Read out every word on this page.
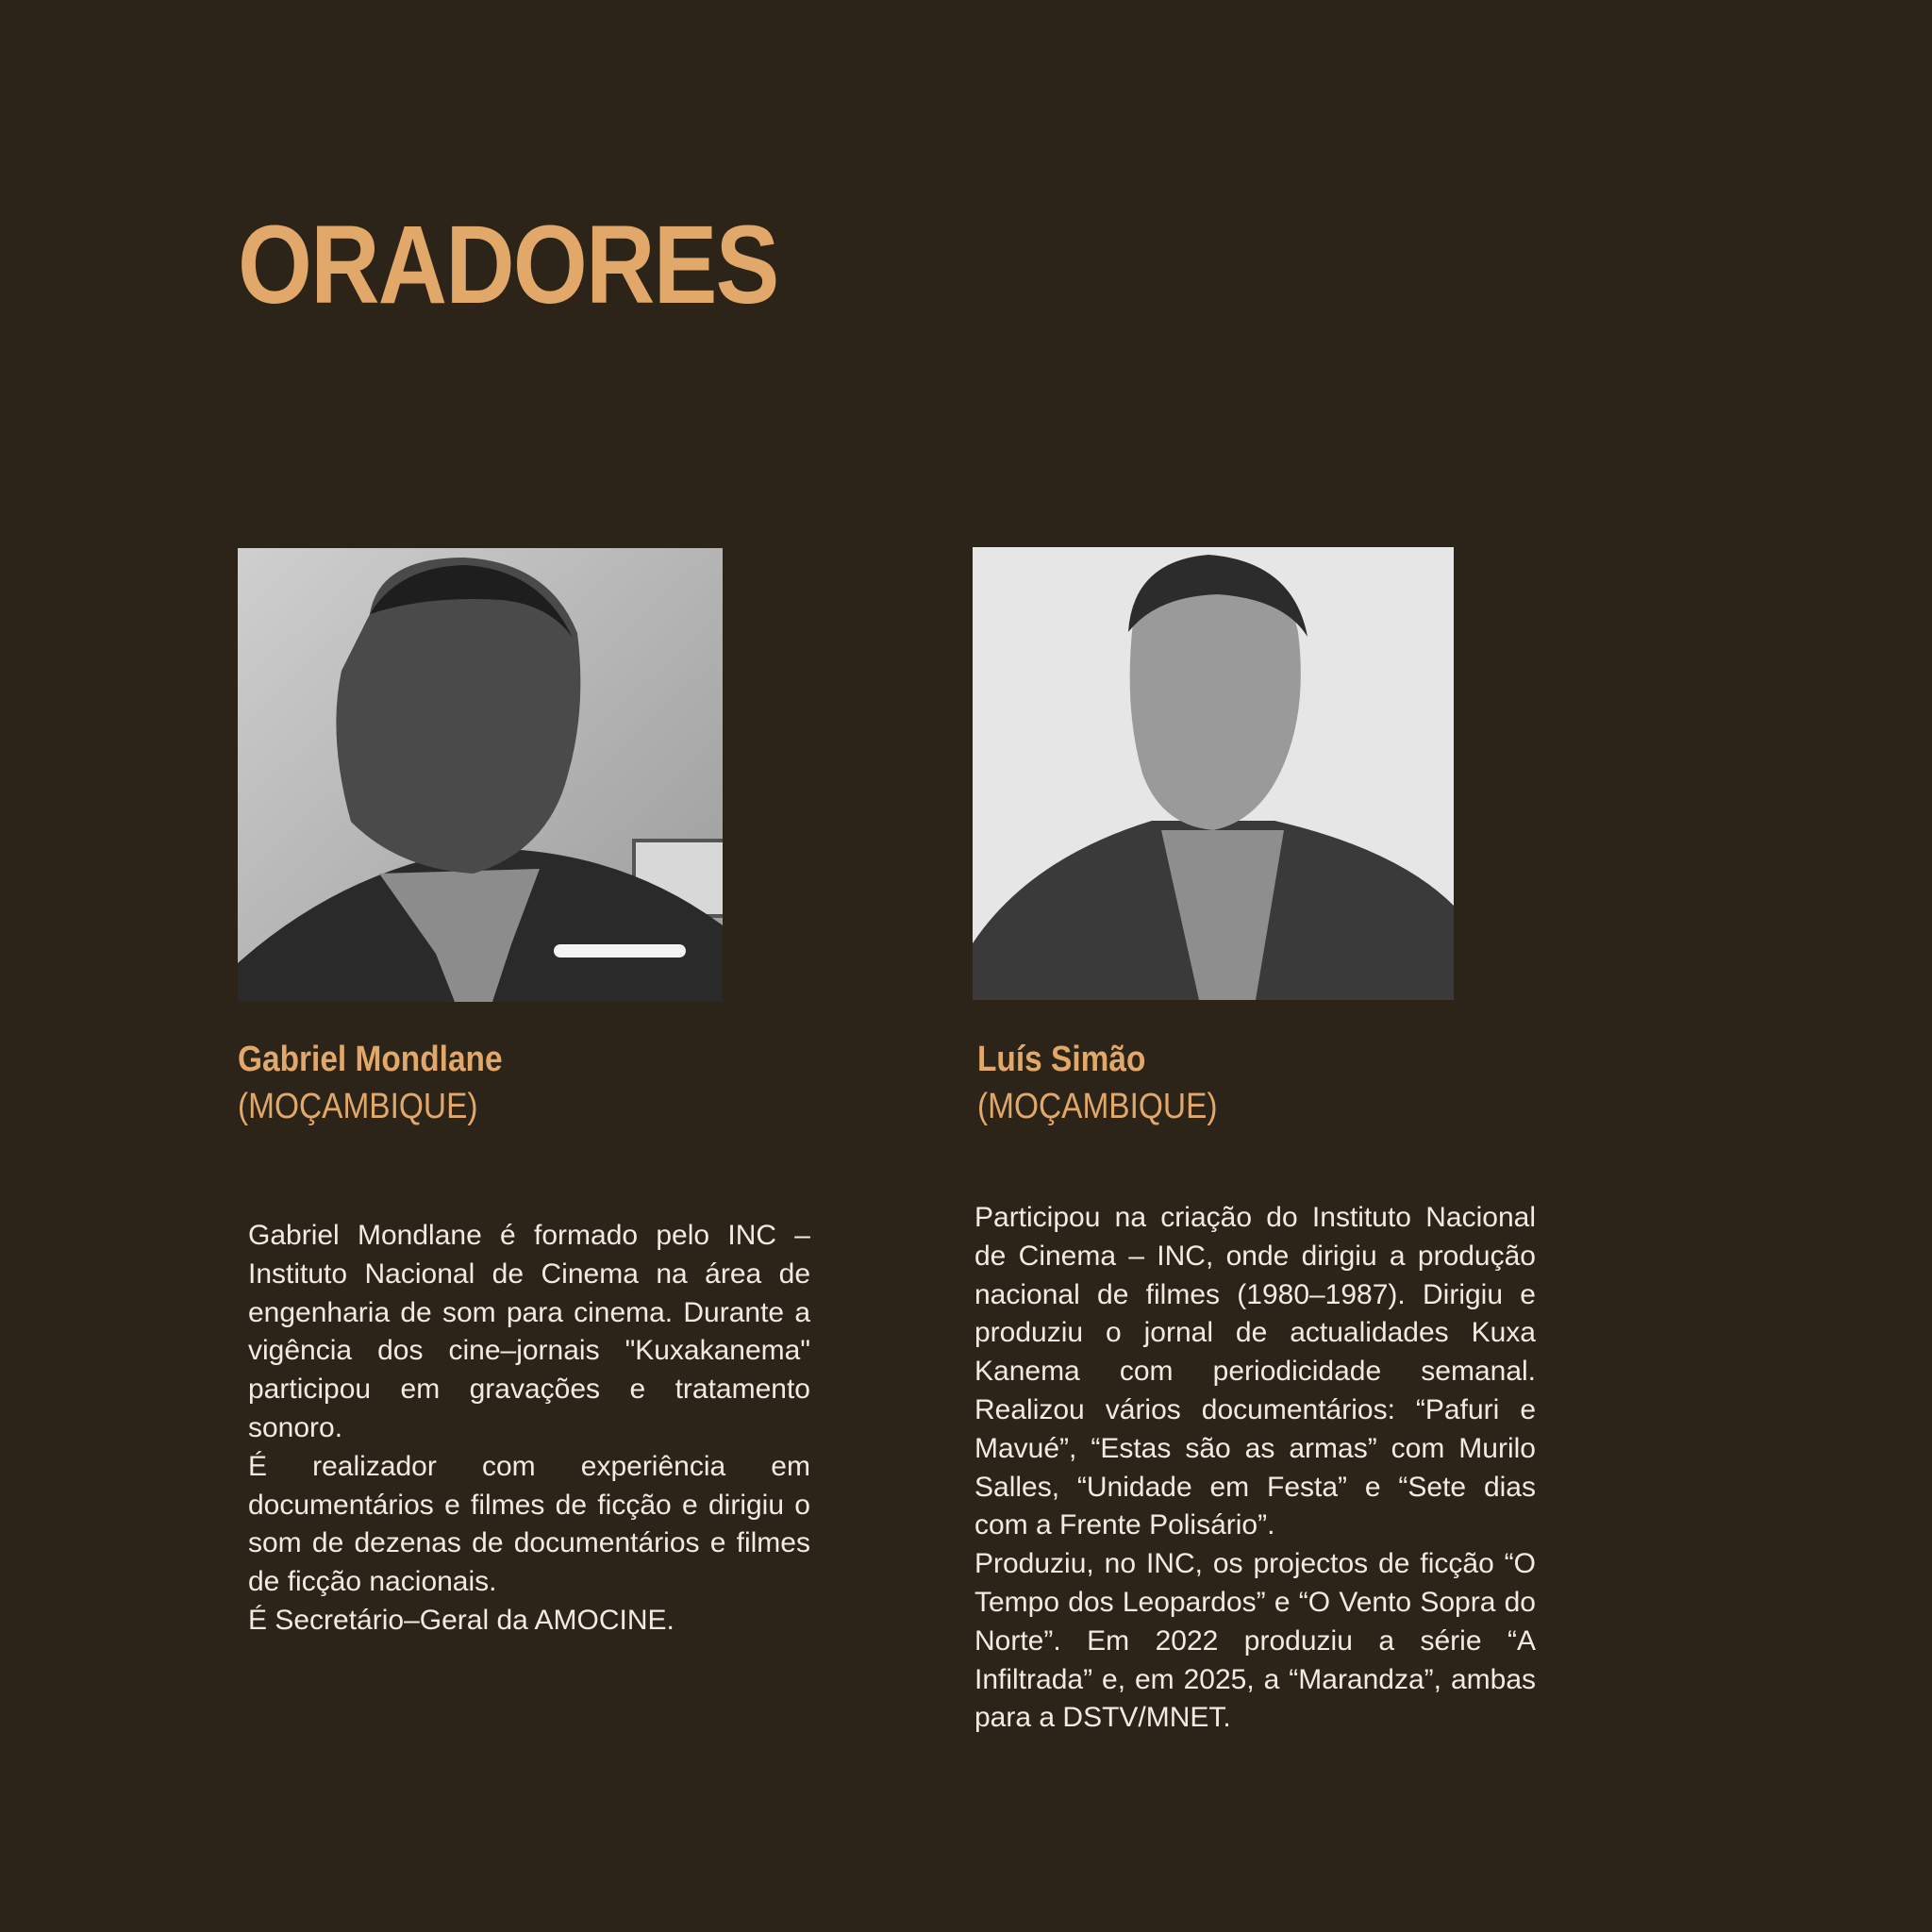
ORADORES
Gabriel Mondlane
(MOÇAMBIQUE)

Gabriel Mondlane é formado pelo INC – Instituto Nacional de Cinema na área de engenharia de som para cinema. Durante a vigência dos cine–jornais "Kuxakanema" participou em gravações e tratamento sonoro.

É realizador com experiência em documentários e filmes de ficção e dirigiu o som de dezenas de documentários e filmes de ficção nacionais.

É Secretário–Geral da AMOCINE.

Luís Simão
(MOÇAMBIQUE)

Participou na criação do Instituto Nacional de Cinema – INC, onde dirigiu a produção nacional de filmes (1980–1987). Dirigiu e produziu o jornal de actualidades Kuxa Kanema com periodicidade semanal. Realizou vários documentários: “Pafuri e Mavué”, “Estas são as armas” com Murilo Salles, “Unidade em Festa” e “Sete dias com a Frente Polisário”.

Produziu, no INC, os projectos de ficção “O Tempo dos Leopardos” e “O Vento Sopra do Norte”. Em 2022 produziu a série “A Infiltrada” e, em 2025, a “Marandza”, ambas para a DSTV/MNET.
